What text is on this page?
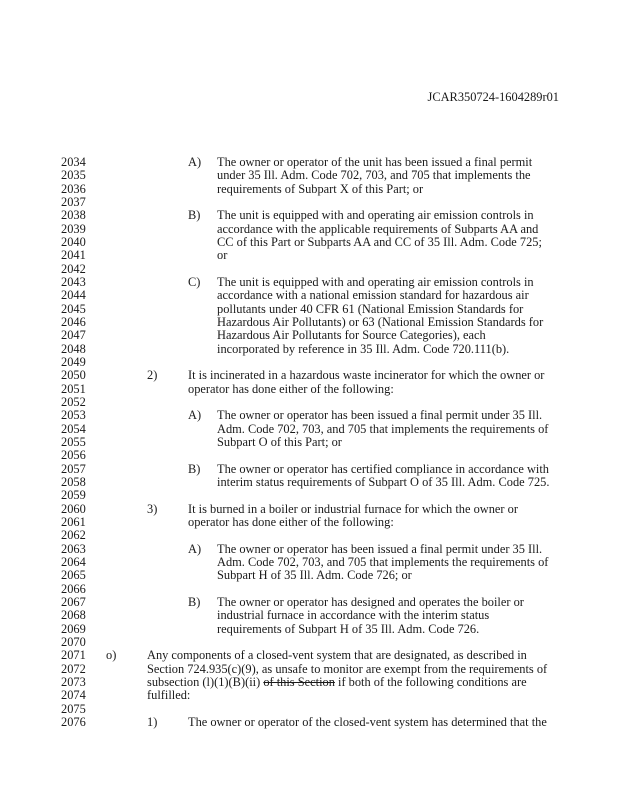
JCAR350724-1604289r01
2034	A) The owner or operator of the unit has been issued a final permit
2035	under 35 Ill. Adm. Code 702, 703, and 705 that implements the
2036	requirements of Subpart X of this Part; or
2037
2038	B) The unit is equipped with and operating air emission controls in
2039	accordance with the applicable requirements of Subparts AA and
2040	CC of this Part or Subparts AA and CC of 35 Ill. Adm. Code 725;
2041	or
2042
2043	C) The unit is equipped with and operating air emission controls in
2044	accordance with a national emission standard for hazardous air
2045	pollutants under 40 CFR 61 (National Emission Standards for
2046	Hazardous Air Pollutants) or 63 (National Emission Standards for
2047	Hazardous Air Pollutants for Source Categories), each
2048	incorporated by reference in 35 Ill. Adm. Code 720.111(b).
2049
2050	2) It is incinerated in a hazardous waste incinerator for which the owner or
2051	operator has done either of the following:
2052
2053	A) The owner or operator has been issued a final permit under 35 Ill.
2054	Adm. Code 702, 703, and 705 that implements the requirements of
2055	Subpart O of this Part; or
2056
2057	B) The owner or operator has certified compliance in accordance with
2058	interim status requirements of Subpart O of 35 Ill. Adm. Code 725.
2059
2060	3) It is burned in a boiler or industrial furnace for which the owner or
2061	operator has done either of the following:
2062
2063	A) The owner or operator has been issued a final permit under 35 Ill.
2064	Adm. Code 702, 703, and 705 that implements the requirements of
2065	Subpart H of 35 Ill. Adm. Code 726; or
2066
2067	B) The owner or operator has designed and operates the boiler or
2068	industrial furnace in accordance with the interim status
2069	requirements of Subpart H of 35 Ill. Adm. Code 726.
2070
2071 o) Any components of a closed-vent system that are designated, as described in
2072	Section 724.935(c)(9), as unsafe to monitor are exempt from the requirements of
2073	subsection (l)(1)(B)(ii) of this Section if both of the following conditions are
2074	fulfilled:
2075
2076	1) The owner or operator of the closed-vent system has determined that the
